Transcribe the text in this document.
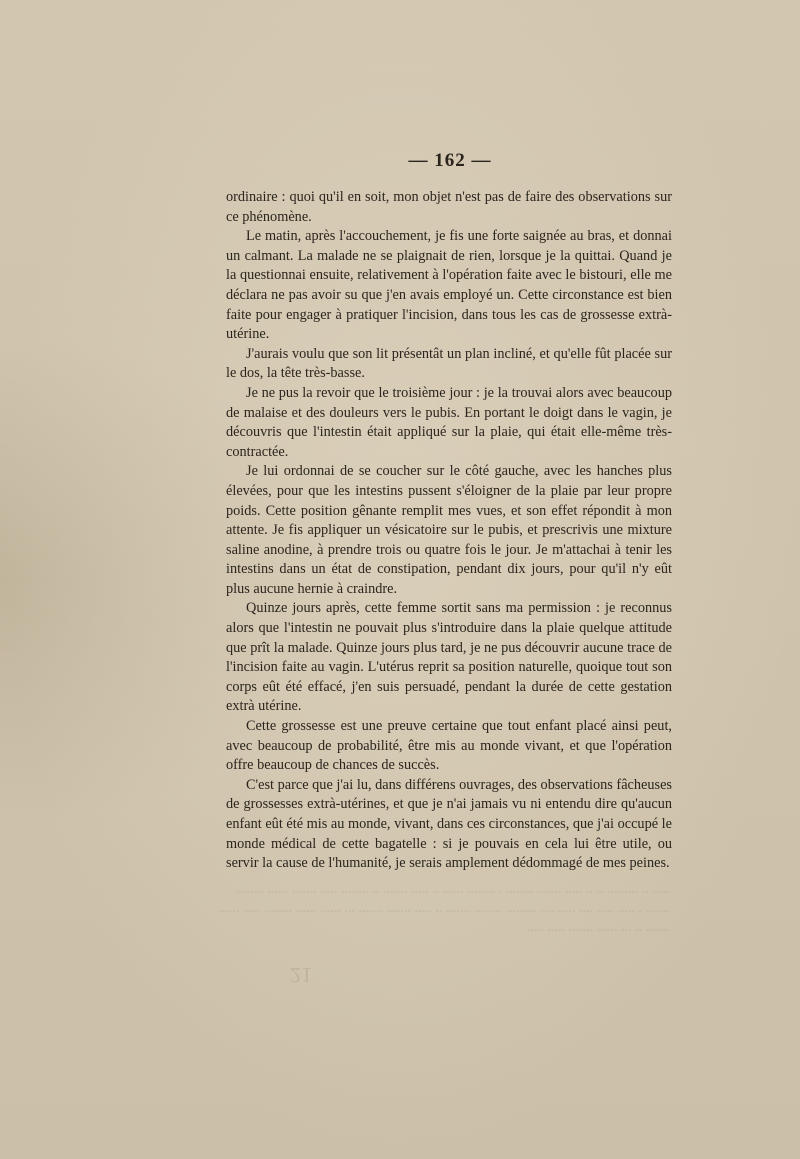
..... .. ......... .. .. ..... ....... ........ . ........ ...... .. ..... ....... .. ........ ..... ....... ...... ........ ....... . ..... ..... .... ..... .... ......... ........ ....... .. ..... ....... ....... ... ...... ...... ........ ..... ...... ....... .. ... ...... ....... ..... .....
21
— 162 —

ordinaire : quoi qu'il en soit, mon objet n'est pas de faire des observations sur ce phénomène.

Le matin, après l'accouchement, je fis une forte saignée au bras, et donnai un calmant. La malade ne se plaignait de rien, lorsque je la quittai. Quand je la questionnai ensuite, relativement à l'opération faite avec le bistouri, elle me déclara ne pas avoir su que j'en avais employé un. Cette circonstance est bien faite pour engager à pratiquer l'incision, dans tous les cas de grossesse extrà-utérine.

J'aurais voulu que son lit présentât un plan incliné, et qu'elle fût placée sur le dos, la tête très-basse.

Je ne pus la revoir que le troisième jour : je la trouvai alors avec beaucoup de malaise et des douleurs vers le pubis. En portant le doigt dans le vagin, je découvris que l'intestin était appliqué sur la plaie, qui était elle-même très-contractée.

Je lui ordonnai de se coucher sur le côté gauche, avec les hanches plus élevées, pour que les intestins pussent s'éloigner de la plaie par leur propre poids. Cette position gênante remplit mes vues, et son effet répondit à mon attente. Je fis appliquer un vésicatoire sur le pubis, et prescrivis une mixture saline anodine, à prendre trois ou quatre fois le jour. Je m'attachai à tenir les intestins dans un état de constipation, pendant dix jours, pour qu'il n'y eût plus aucune hernie à craindre.

Quinze jours après, cette femme sortit sans ma permission : je reconnus alors que l'intestin ne pouvait plus s'introduire dans la plaie quelque attitude que prît la malade. Quinze jours plus tard, je ne pus découvrir aucune trace de l'incision faite au vagin. L'utérus reprit sa position naturelle, quoique tout son corps eût été effacé, j'en suis persuadé, pendant la durée de cette gestation extrà utérine.

Cette grossesse est une preuve certaine que tout enfant placé ainsi peut, avec beaucoup de probabilité, être mis au monde vivant, et que l'opération offre beaucoup de chances de succès.

C'est parce que j'ai lu, dans différens ouvrages, des observations fâcheuses de grossesses extrà-utérines, et que je n'ai jamais vu ni entendu dire qu'aucun enfant eût été mis au monde, vivant, dans ces circonstances, que j'ai occupé le monde médical de cette bagatelle : si je pouvais en cela lui être utile, ou servir la cause de l'humanité, je serais amplement dédommagé de mes peines.
